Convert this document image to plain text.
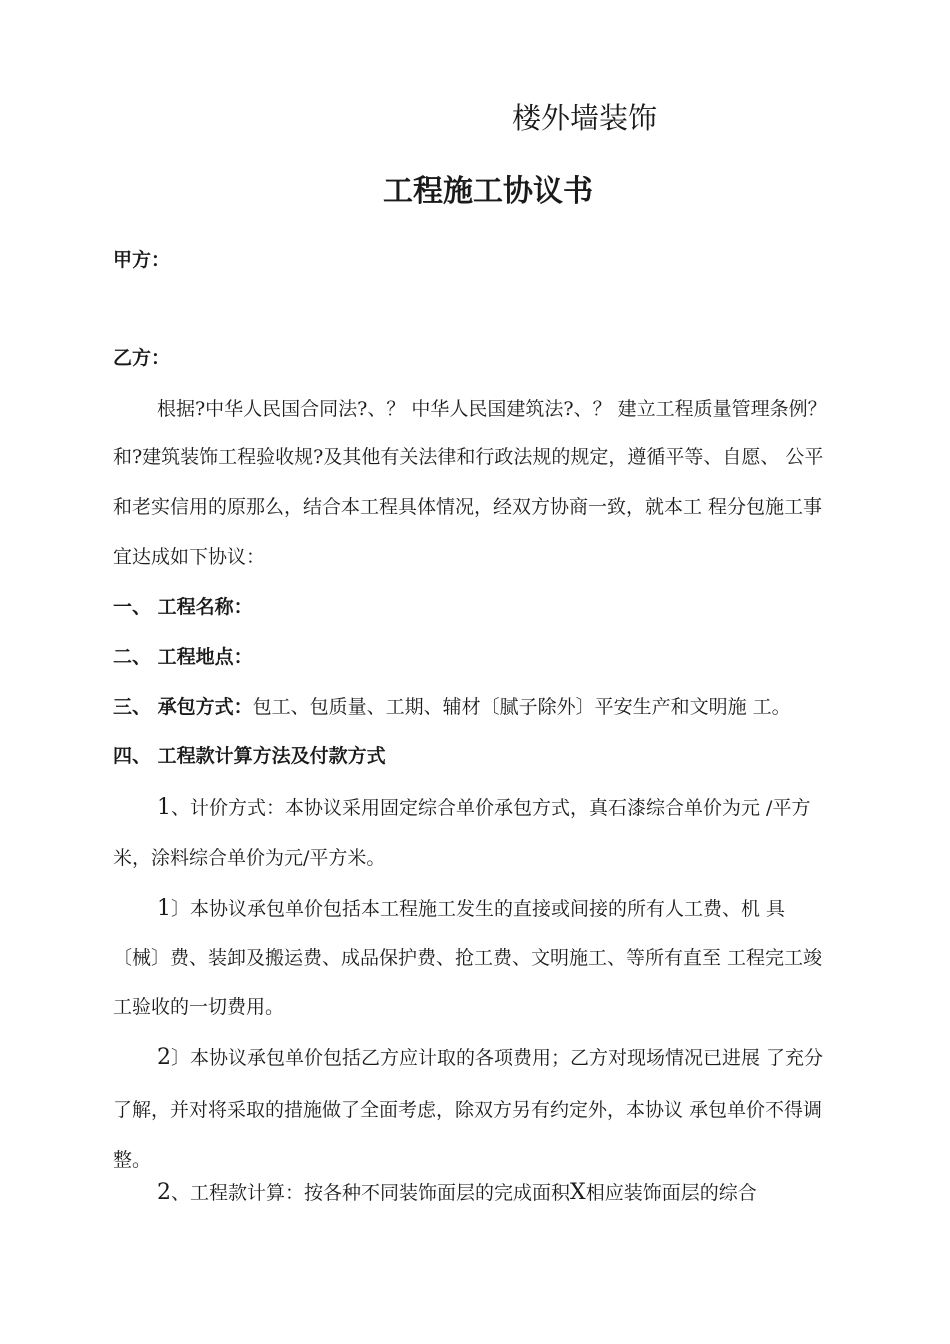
楼外墙装饰
工程施工协议书
甲方：
乙方：
根据?中华人民国合同法?、？ 中华人民国建筑法?、？ 建立工程质量管理条例？
和?建筑装饰工程验收规?及其他有关法律和行政法规的规定，遵循平等、自愿、 公平
和老实信用的原那么，结合本工程具体情况，经双方协商一致，就本工 程分包施工事
宜达成如下协议：
一、 工程名称：
二、 工程地点：
三、 承包方式：包工、包质量、工期、辅材〔腻子除外〕平安生产和文明施 工。
四、 工程款计算方法及付款方式
1、计价方式：本协议采用固定综合单价承包方式，真石漆综合单价为元 /平方
米，涂料综合单价为元/平方米。
1〕本协议承包单价包括本工程施工发生的直接或间接的所有人工费、机 具
〔械〕费、装卸及搬运费、成品保护费、抢工费、文明施工、等所有直至 工程完工竣
工验收的一切费用。
2〕本协议承包单价包括乙方应计取的各项费用；乙方对现场情况已进展 了充分
了解，并对将采取的措施做了全面考虑，除双方另有约定外，本协议 承包单价不得调
整。
2、工程款计算：按各种不同装饰面层的完成面积X相应装饰面层的综合
